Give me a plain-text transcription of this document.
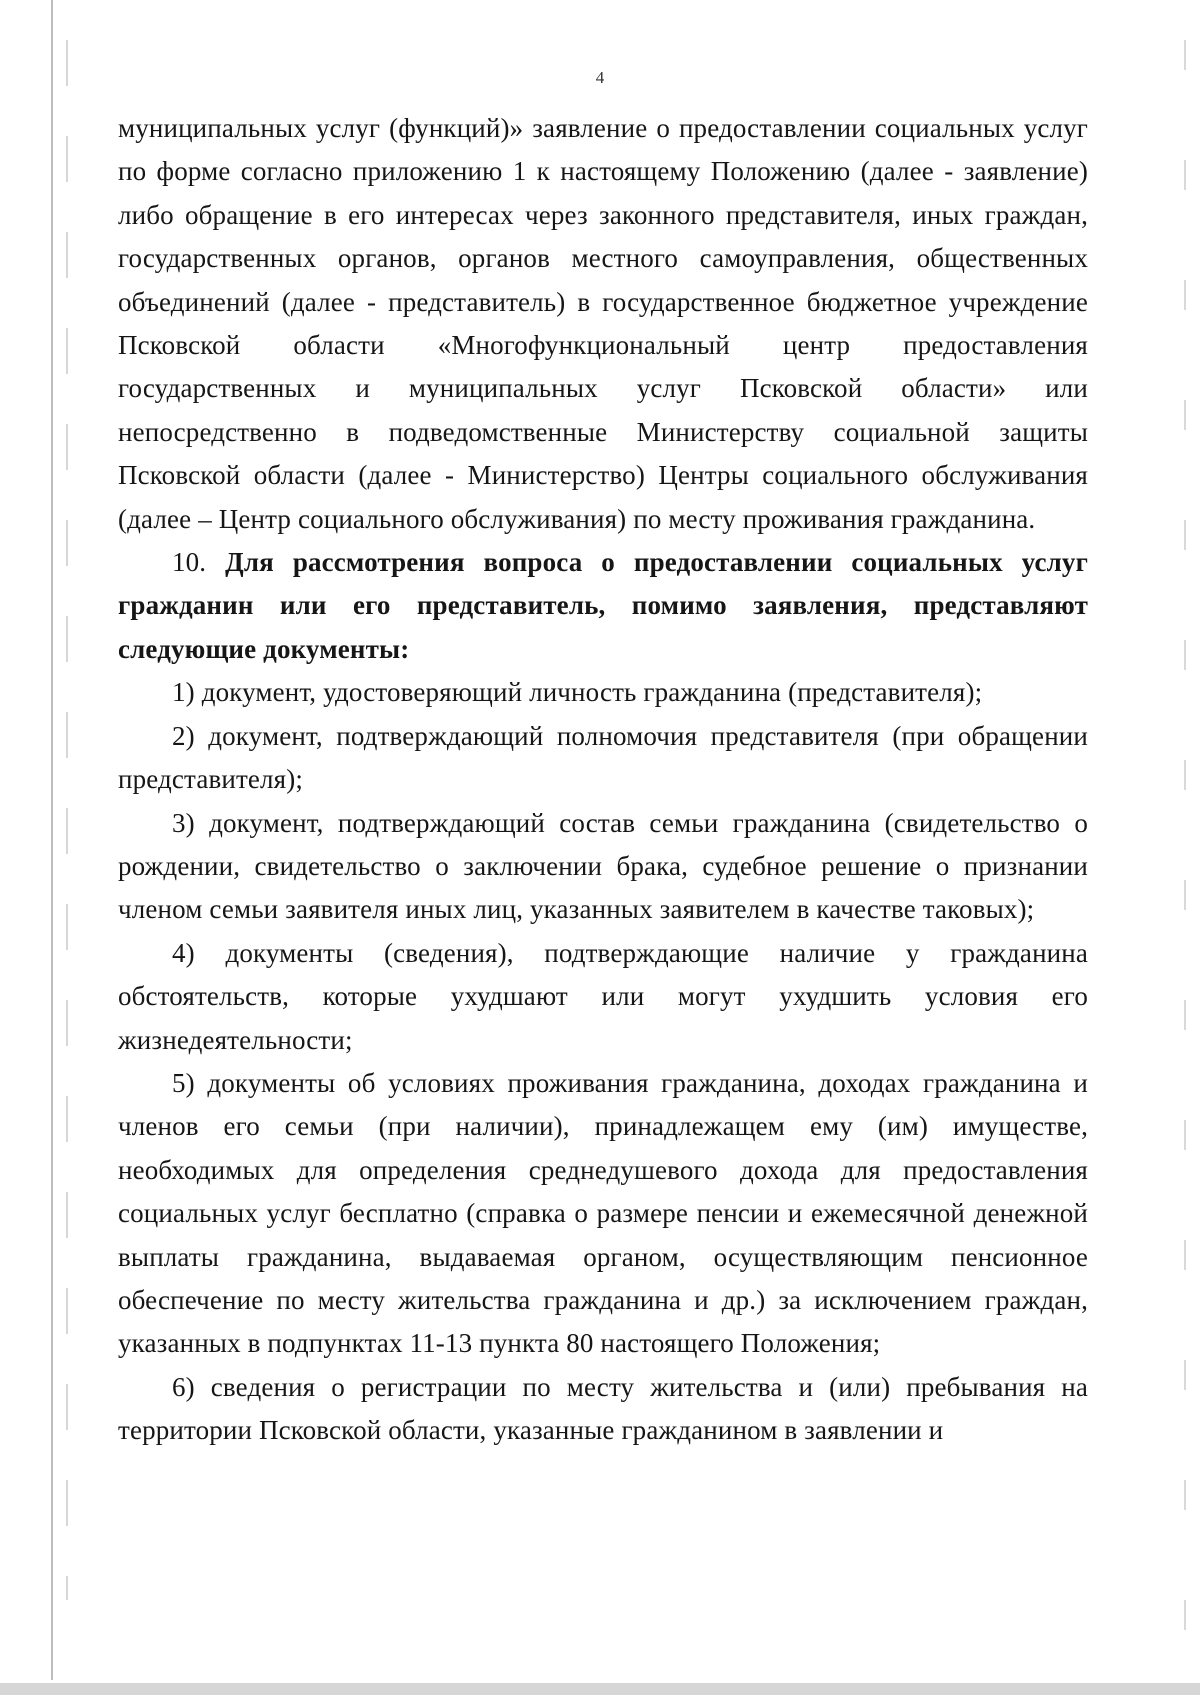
4

муниципальных услуг (функций)» заявление о предоставлении социальных услуг по форме согласно приложению 1 к настоящему Положению (далее - заявление) либо обращение в его интересах через законного представителя, иных граждан, государственных органов, органов местного самоуправления, общественных объединений (далее - представитель) в государственное бюджетное учреждение Псковской области «Многофункциональный центр предоставления государственных и муниципальных услуг Псковской области» или непосредственно в подведомственные Министерству социальной защиты Псковской области (далее - Министерство) Центры социального обслуживания (далее – Центр социального обслуживания) по месту проживания гражданина.

10. Для рассмотрения вопроса о предоставлении социальных услуг гражданин или его представитель, помимо заявления, представляют следующие документы:

1) документ, удостоверяющий личность гражданина (представителя);

2) документ, подтверждающий полномочия представителя (при обращении представителя);

3) документ, подтверждающий состав семьи гражданина (свидетельство о рождении, свидетельство о заключении брака, судебное решение о признании членом семьи заявителя иных лиц, указанных заявителем в качестве таковых);

4) документы (сведения), подтверждающие наличие у гражданина обстоятельств, которые ухудшают или могут ухудшить условия его жизнедеятельности;

5) документы об условиях проживания гражданина, доходах гражданина и членов его семьи (при наличии), принадлежащем ему (им) имуществе, необходимых для определения среднедушевого дохода для предоставления социальных услуг бесплатно (справка о размере пенсии и ежемесячной денежной выплаты гражданина, выдаваемая органом, осуществляющим пенсионное обеспечение по месту жительства гражданина и др.) за исключением граждан, указанных в подпунктах 11-13 пункта 80 настоящего Положения;

6) сведения о регистрации по месту жительства и (или) пребывания на территории Псковской области, указанные гражданином в заявлении и
